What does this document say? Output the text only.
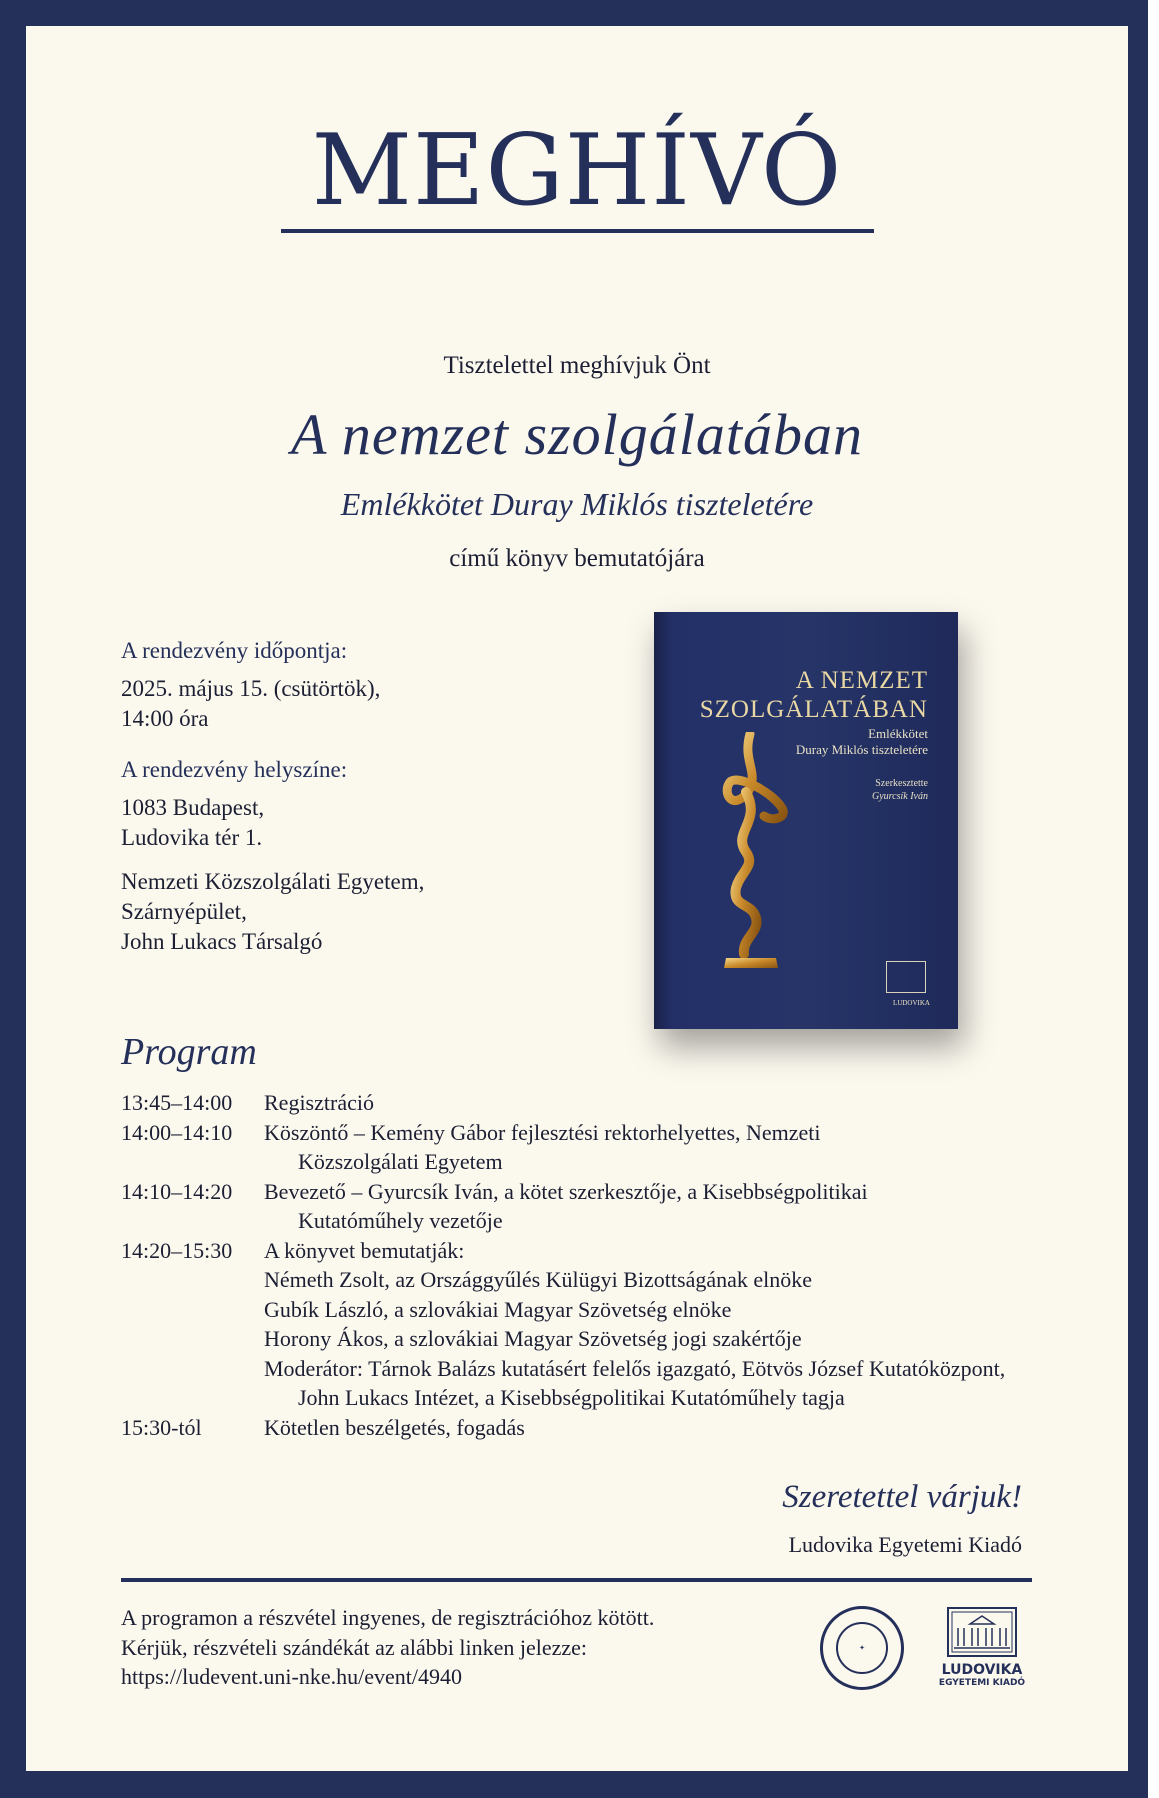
MEGHÍVÓ
Tisztelettel meghívjuk Önt
A nemzet szolgálatában
Emlékkötet Duray Miklós tiszteletére
című könyv bemutatójára
A rendezvény időpontja:
2025. május 15. (csütörtök),
14:00 óra
A rendezvény helyszíne:
1083 Budapest,
Ludovika tér 1.
Nemzeti Közszolgálati Egyetem,
Szárnyépület,
John Lukacs Társalgó
A NEMZET
SZOLGÁLATÁBAN
Emlékkötet
Duray Miklós tiszteletére
Szerkesztette
Gyurcsík Iván
LUDOVIKA
Program
13:45–14:00	Regisztráció
14:00–14:10	Köszöntő – Kemény Gábor fejlesztési rektorhelyettes, Nemzeti
Közszolgálati Egyetem
14:10–14:20	Bevezető – Gyurcsík Iván, a kötet szerkesztője, a Kisebbségpolitikai
Kutatóműhely vezetője
14:20–15:30	A könyvet bemutatják:
Németh Zsolt, az Országgyűlés Külügyi Bizottságának elnöke
Gubík László, a szlovákiai Magyar Szövetség elnöke
Horony Ákos, a szlovákiai Magyar Szövetség jogi szakértője
Moderátor: Tárnok Balázs kutatásért felelős igazgató, Eötvös József Kutatóközpont,
John Lukacs Intézet, a Kisebbségpolitikai Kutatóműhely tagja
15:30-tól	Kötetlen beszélgetés, fogadás
Szeretettel várjuk!
Ludovika Egyetemi Kiadó
A programon a részvétel ingyenes, de regisztrációhoz kötött.
Kérjük, részvételi szándékát az alábbi linken jelezze:
https://ludevent.uni-nke.hu/event/4940
✦
LUDOVIKA
EGYETEMI KIADÓ
